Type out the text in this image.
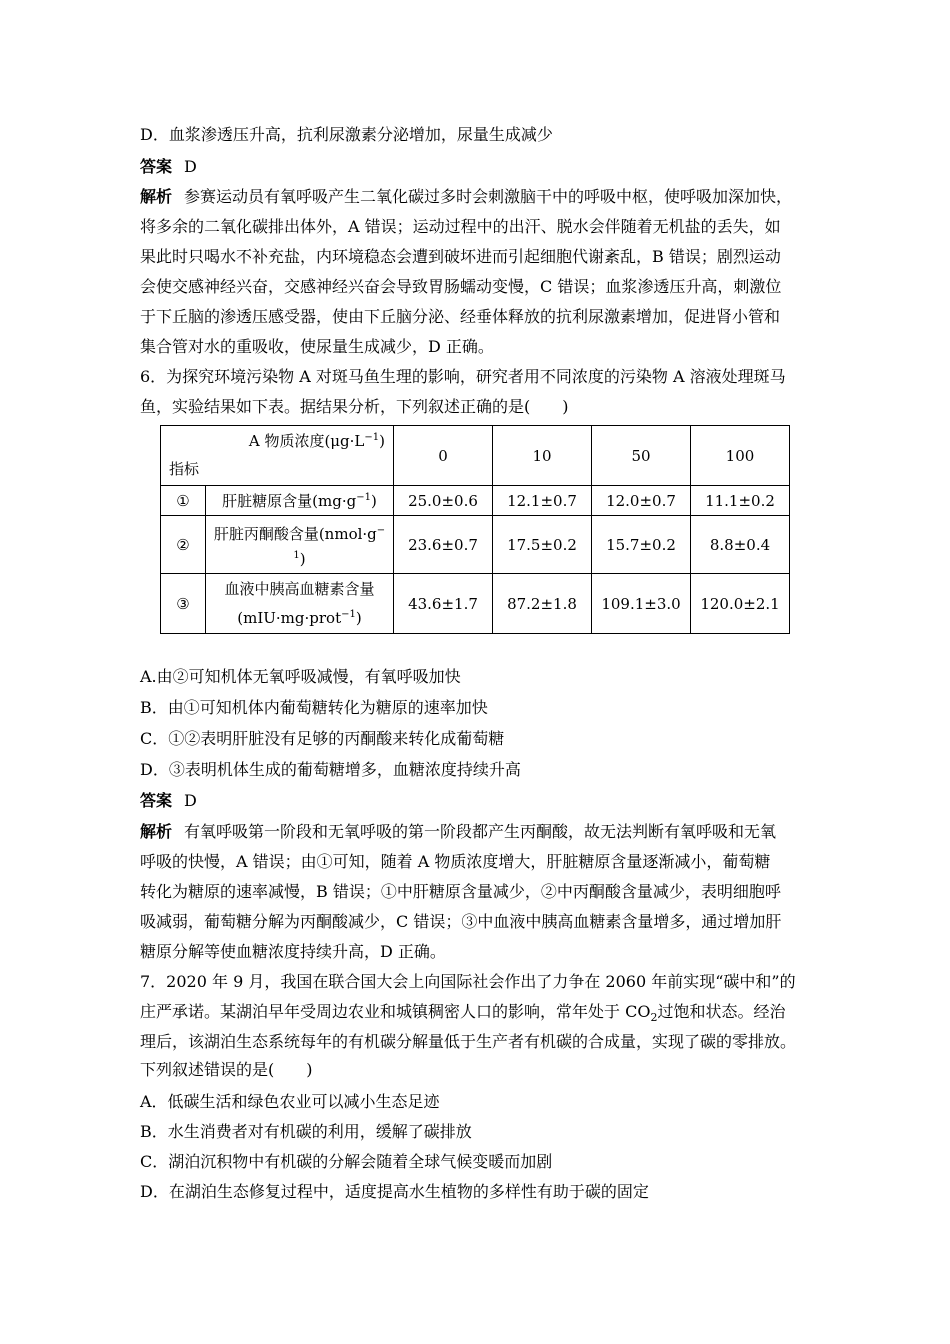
D．血浆渗透压升高，抗利尿激素分泌增加，尿量生成减少
答案 D
解析 参赛运动员有氧呼吸产生二氧化碳过多时会刺激脑干中的呼吸中枢，使呼吸加深加快，
将多余的二氧化碳排出体外，A 错误；运动过程中的出汗、脱水会伴随着无机盐的丢失，如
果此时只喝水不补充盐，内环境稳态会遭到破坏进而引起细胞代谢紊乱，B 错误；剧烈运动
会使交感神经兴奋，交感神经兴奋会导致胃肠蠕动变慢，C 错误；血浆渗透压升高，刺激位
于下丘脑的渗透压感受器，使由下丘脑分泌、经垂体释放的抗利尿激素增加，促进肾小管和
集合管对水的重吸收，使尿量生成减少，D 正确。
6．为探究环境污染物 A 对斑马鱼生理的影响，研究者用不同浓度的污染物 A 溶液处理斑马
鱼，实验结果如下表。据结果分析，下列叙述正确的是(　　)
A 物质浓度$(\mu g\cdot L^{-1})$
指标		0	10	50	100
①	肝脏糖原含量$(mg\cdot g^{-1})$	25.0±0.6	12.1±0.7	12.0±0.7	11.1±0.2
②	肝脏丙酮酸含量(nmol·g−
$^1$)	23.6±0.7	17.5±0.2	15.7±0.2	8.8±0.4
③	血液中胰高血糖素含量
(mIU·mg·prot$^{-1}$)	43.6±1.7	87.2±1.8	109.1±3.0	120.0±2.1
A.由②可知机体无氧呼吸减慢，有氧呼吸加快
B．由①可知机体内葡萄糖转化为糖原的速率加快
C．①②表明肝脏没有足够的丙酮酸来转化成葡萄糖
D．③表明机体生成的葡萄糖增多，血糖浓度持续升高
答案 D
解析 有氧呼吸第一阶段和无氧呼吸的第一阶段都产生丙酮酸，故无法判断有氧呼吸和无氧
呼吸的快慢，A 错误；由①可知，随着 A 物质浓度增大，肝脏糖原含量逐渐减小，葡萄糖
转化为糖原的速率减慢，B 错误；①中肝糖原含量减少，②中丙酮酸含量减少，表明细胞呼
吸减弱，葡萄糖分解为丙酮酸减少，C 错误；③中血液中胰高血糖素含量增多，通过增加肝
糖原分解等使血糖浓度持续升高，D 正确。
7．2020 年 9 月，我国在联合国大会上向国际社会作出了力争在 2060 年前实现“碳中和”的
庄严承诺。某湖泊早年受周边农业和城镇稠密人口的影响，常年处于 $CO_2$过饱和状态。经治
理后，该湖泊生态系统每年的有机碳分解量低于生产者有机碳的合成量，实现了碳的零排放。
下列叙述错误的是(　　)
A．低碳生活和绿色农业可以减小生态足迹
B．水生消费者对有机碳的利用，缓解了碳排放
C．湖泊沉积物中有机碳的分解会随着全球气候变暖而加剧
D．在湖泊生态修复过程中，适度提高水生植物的多样性有助于碳的固定
